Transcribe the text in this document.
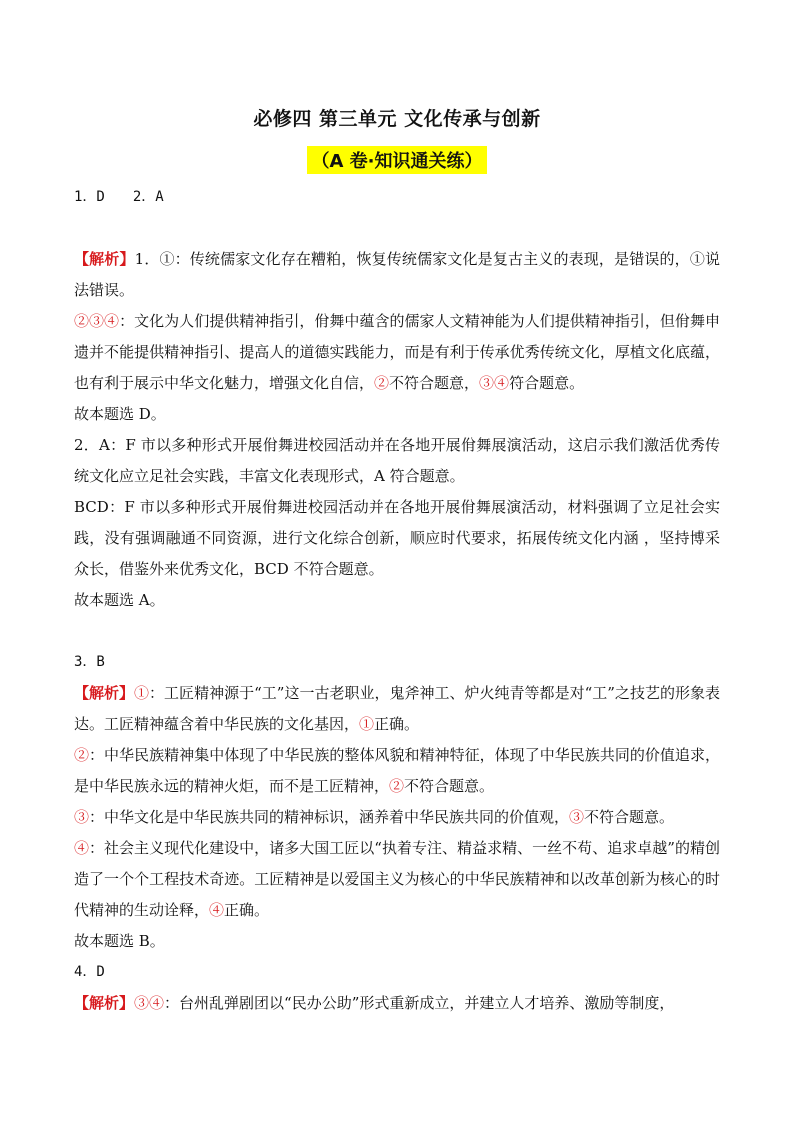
必修四 第三单元 文化传承与创新
（A 卷·知识通关练）

1．D 2．A

【解析】1．①：传统儒家文化存在糟粕，恢复传统儒家文化是复古主义的表现，是错误的，①说法错误。

②③④：文化为人们提供精神指引，佾舞中蕴含的儒家人文精神能为人们提供精神指引，但佾舞申遗并不能提供精神指引、提高人的道德实践能力，而是有利于传承优秀传统文化，厚植文化底蕴，也有利于展示中华文化魅力，增强文化自信，②不符合题意，③④符合题意。

故本题选 D。

2．A：F 市以多种形式开展佾舞进校园活动并在各地开展佾舞展演活动，这启示我们激活优秀传统文化应立足社会实践，丰富文化表现形式，A 符合题意。

BCD：F 市以多种形式开展佾舞进校园活动并在各地开展佾舞展演活动，材料强调了立足社会实践，没有强调融通不同资源，进行文化综合创新，顺应时代要求，拓展传统文化内涵 ，坚持博采众长，借鉴外来优秀文化，BCD 不符合题意。

故本题选 A。

3．B

【解析】①：工匠精神源于“工”这一古老职业，鬼斧神工、炉火纯青等都是对“工”之技艺的形象表达。工匠精神蕴含着中华民族的文化基因，①正确。

②：中华民族精神集中体现了中华民族的整体风貌和精神特征，体现了中华民族共同的价值追求，是中华民族永远的精神火炬，而不是工匠精神，②不符合题意。

③：中华文化是中华民族共同的精神标识，涵养着中华民族共同的价值观，③不符合题意。

④：社会主义现代化建设中，诸多大国工匠以“执着专注、精益求精、一丝不苟、追求卓越”的精创造了一个个工程技术奇迹。工匠精神是以爱国主义为核心的中华民族精神和以改革创新为核心的时代精神的生动诠释，④正确。

故本题选 B。

4．D

【解析】③④：台州乱弹剧团以“民办公助”形式重新成立，并建立人才培养、激励等制度，
